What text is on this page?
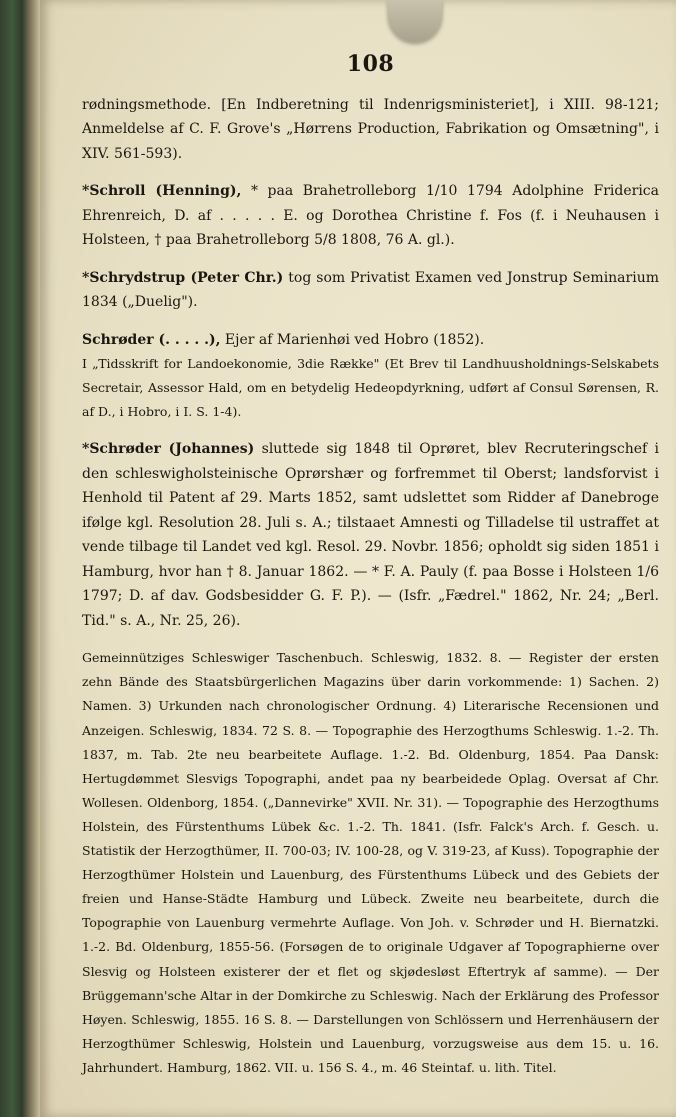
108

rødningsmethode. [En Indberetning til Indenrigsministeriet], i XIII. 98-121; Anmeldelse af C. F. Grove's „Hørrens Production, Fabrikation og Omsætning", i XIV. 561-593).

*Schroll (Henning), * paa Brahetrolleborg 1/10 1794 Adolphine Friderica Ehrenreich, D. af . . . . . E. og Dorothea Christine f. Fos (f. i Neuhausen i Holsteen, † paa Brahetrolleborg 5/8 1808, 76 A. gl.).

*Schrydstrup (Peter Chr.) tog som Privatist Examen ved Jonstrup Seminarium 1834 („Duelig").

Schrøder (. . . . .), Ejer af Marienhøi ved Hobro (1852).

I „Tidsskrift for Landoekonomie, 3die Række" (Et Brev til Landhuusholdnings-Selskabets Secretair, Assessor Hald, om en betydelig Hedeopdyrkning, udført af Consul Sørensen, R. af D., i Hobro, i I. S. 1-4).

*Schrøder (Johannes) sluttede sig 1848 til Oprøret, blev Recruteringschef i den schleswigholsteinische Oprørshær og forfremmet til Oberst; landsforvist i Henhold til Patent af 29. Marts 1852, samt udslettet som Ridder af Danebroge ifølge kgl. Resolution 28. Juli s. A.; tilstaaet Amnesti og Tilladelse til ustraffet at vende tilbage til Landet ved kgl. Resol. 29. Novbr. 1856; opholdt sig siden 1851 i Hamburg, hvor han † 8. Januar 1862. — * F. A. Pauly (f. paa Bosse i Holsteen 1/6 1797; D. af dav. Godsbesidder G. F. P.). — (Isfr. „Fædrel." 1862, Nr. 24; „Berl. Tid." s. A., Nr. 25, 26).

Gemeinnütziges Schleswiger Taschenbuch. Schleswig, 1832. 8. — Register der ersten zehn Bände des Staatsbürgerlichen Magazins über darin vorkommende: 1) Sachen. 2) Namen. 3) Urkunden nach chronologischer Ordnung. 4) Literarische Recensionen und Anzeigen. Schleswig, 1834. 72 S. 8. — Topographie des Herzogthums Schleswig. 1.-2. Th. 1837, m. Tab. 2te neu bearbeitete Auflage. 1.-2. Bd. Oldenburg, 1854. Paa Dansk: Hertugdømmet Slesvigs Topographi, andet paa ny bearbeidede Oplag. Oversat af Chr. Wollesen. Oldenborg, 1854. („Dannevirke" XVII. Nr. 31). — Topographie des Herzogthums Holstein, des Fürstenthums Lübek &c. 1.-2. Th. 1841. (Isfr. Falck's Arch. f. Gesch. u. Statistik der Herzogthümer, II. 700-03; IV. 100-28, og V. 319-23, af Kuss). Topographie der Herzogthümer Holstein und Lauenburg, des Fürstenthums Lübeck und des Gebiets der freien und Hanse-Städte Hamburg und Lübeck. Zweite neu bearbeitete, durch die Topographie von Lauenburg vermehrte Auflage. Von Joh. v. Schrøder und H. Biernatzki. 1.-2. Bd. Oldenburg, 1855-56. (Forsøgen de to originale Udgaver af Topographierne over Slesvig og Holsteen existerer der et flet og skjødesløst Eftertryk af samme). — Der Brüggemann'sche Altar in der Domkirche zu Schleswig. Nach der Erklärung des Professor Høyen. Schleswig, 1855. 16 S. 8. — Darstellungen von Schlössern und Herrenhäusern der Herzogthümer Schleswig, Holstein und Lauenburg, vorzugsweise aus dem 15. u. 16. Jahrhundert. Hamburg, 1862. VII. u. 156 S. 4., m. 46 Steintaf. u. lith. Titel.
